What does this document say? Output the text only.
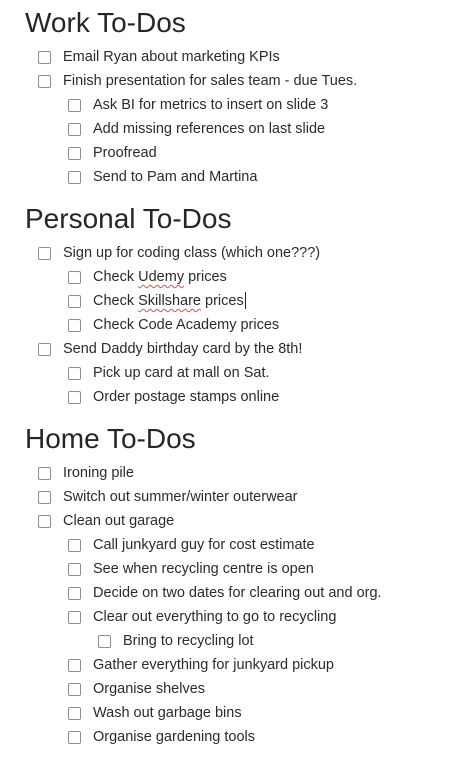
Work To-Dos
Email Ryan about marketing KPIs
Finish presentation for sales team - due Tues.
Ask BI for metrics to insert on slide 3
Add missing references on last slide
Proofread
Send to Pam and Martina
Personal To-Dos
Sign up for coding class (which one???)
Check Udemy prices
Check Skillshare prices
Check Code Academy prices
Send Daddy birthday card by the 8th!
Pick up card at mall on Sat.
Order postage stamps online
Home To-Dos
Ironing pile
Switch out summer/winter outerwear
Clean out garage
Call junkyard guy for cost estimate
See when recycling centre is open
Decide on two dates for clearing out and org.
Clear out everything to go to recycling
Bring to recycling lot
Gather everything for junkyard pickup
Organise shelves
Wash out garbage bins
Organise gardening tools
